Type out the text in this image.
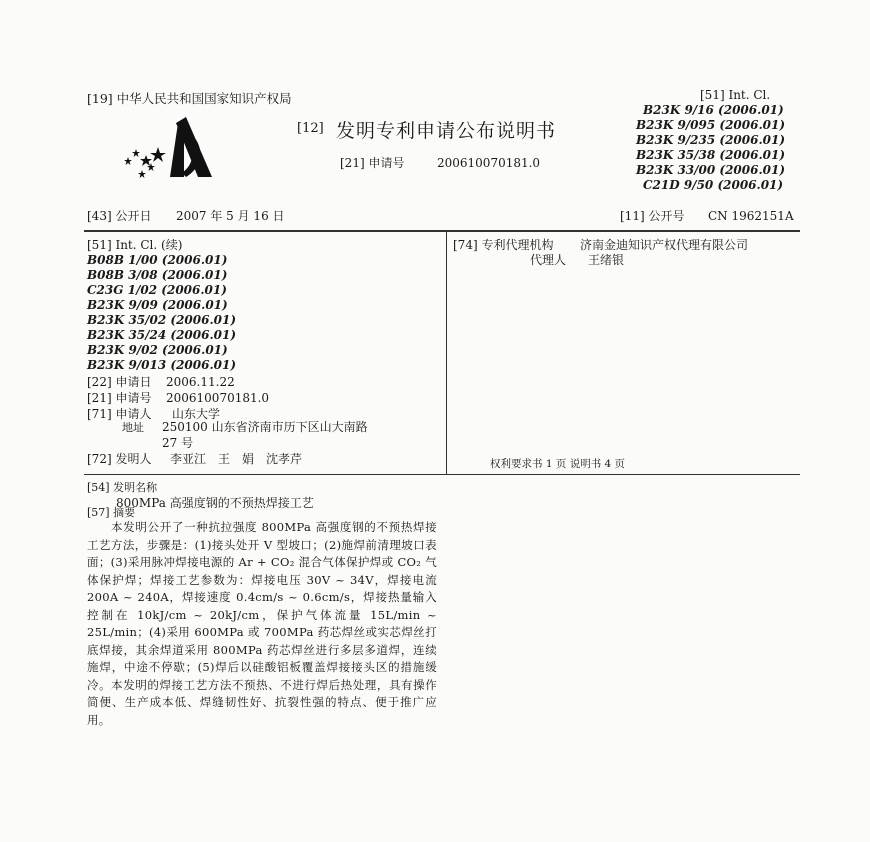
[19] 中华人民共和国国家知识产权局
[12] 发明专利申请公布说明书
[21] 申请号	200610070181.0
[51] Int. Cl.
B23K 9/16 (2006.01)
B23K 9/095 (2006.01)
B23K 9/235 (2006.01)
B23K 35/38 (2006.01)
B23K 33/00 (2006.01)
C21D 9/50 (2006.01)
[43] 公开日 2007 年 5 月 16 日	[11] 公开号 CN 1962151A
[51] Int. Cl. (续)
B08B 1/00 (2006.01)
B08B 3/08 (2006.01)
C23G 1/02 (2006.01)
B23K 9/09 (2006.01)
B23K 35/02 (2006.01)
B23K 35/24 (2006.01)
B23K 9/02 (2006.01)
B23K 9/013 (2006.01)
[22] 申请日 2006.11.22
[21] 申请号 200610070181.0
[71] 申请人 山东大学
地址 250100 山东省济南市历下区山大南路
27 号
[72] 发明人 李亚江　王　娟　沈孝芹
[74] 专利代理机构 济南金迪知识产权代理有限公司
代理人 王绪银
权利要求书 1 页 说明书 4 页
[54] 发明名称
800MPa 高强度钢的不预热焊接工艺
[57] 摘要

本发明公开了一种抗拉强度 800MPa 高强度钢的不预热焊接工艺方法，步骤是：(1)接头处开 V 型坡口；(2)施焊前清理坡口表面；(3)采用脉冲焊接电源的 Ar + CO₂ 混合气体保护焊或 CO₂ 气体保护焊；焊接工艺参数为：焊接电压 30V ~ 34V，焊接电流 200A ~ 240A，焊接速度 0.4cm/s ~ 0.6cm/s，焊接热量输入控制在 10kJ/cm ~ 20kJ/cm，保护气体流量 15L/min ~ 25L/min；(4)采用 600MPa 或 700MPa 药芯焊丝或实芯焊丝打底焊接，其余焊道采用 800MPa 药芯焊丝进行多层多道焊，连续施焊，中途不停歇；(5)焊后以硅酸铝板覆盖焊接接头区的措施缓冷。本发明的焊接工艺方法不预热、不进行焊后热处理，具有操作简便、生产成本低、焊缝韧性好、抗裂性强的特点、便于推广应用。
